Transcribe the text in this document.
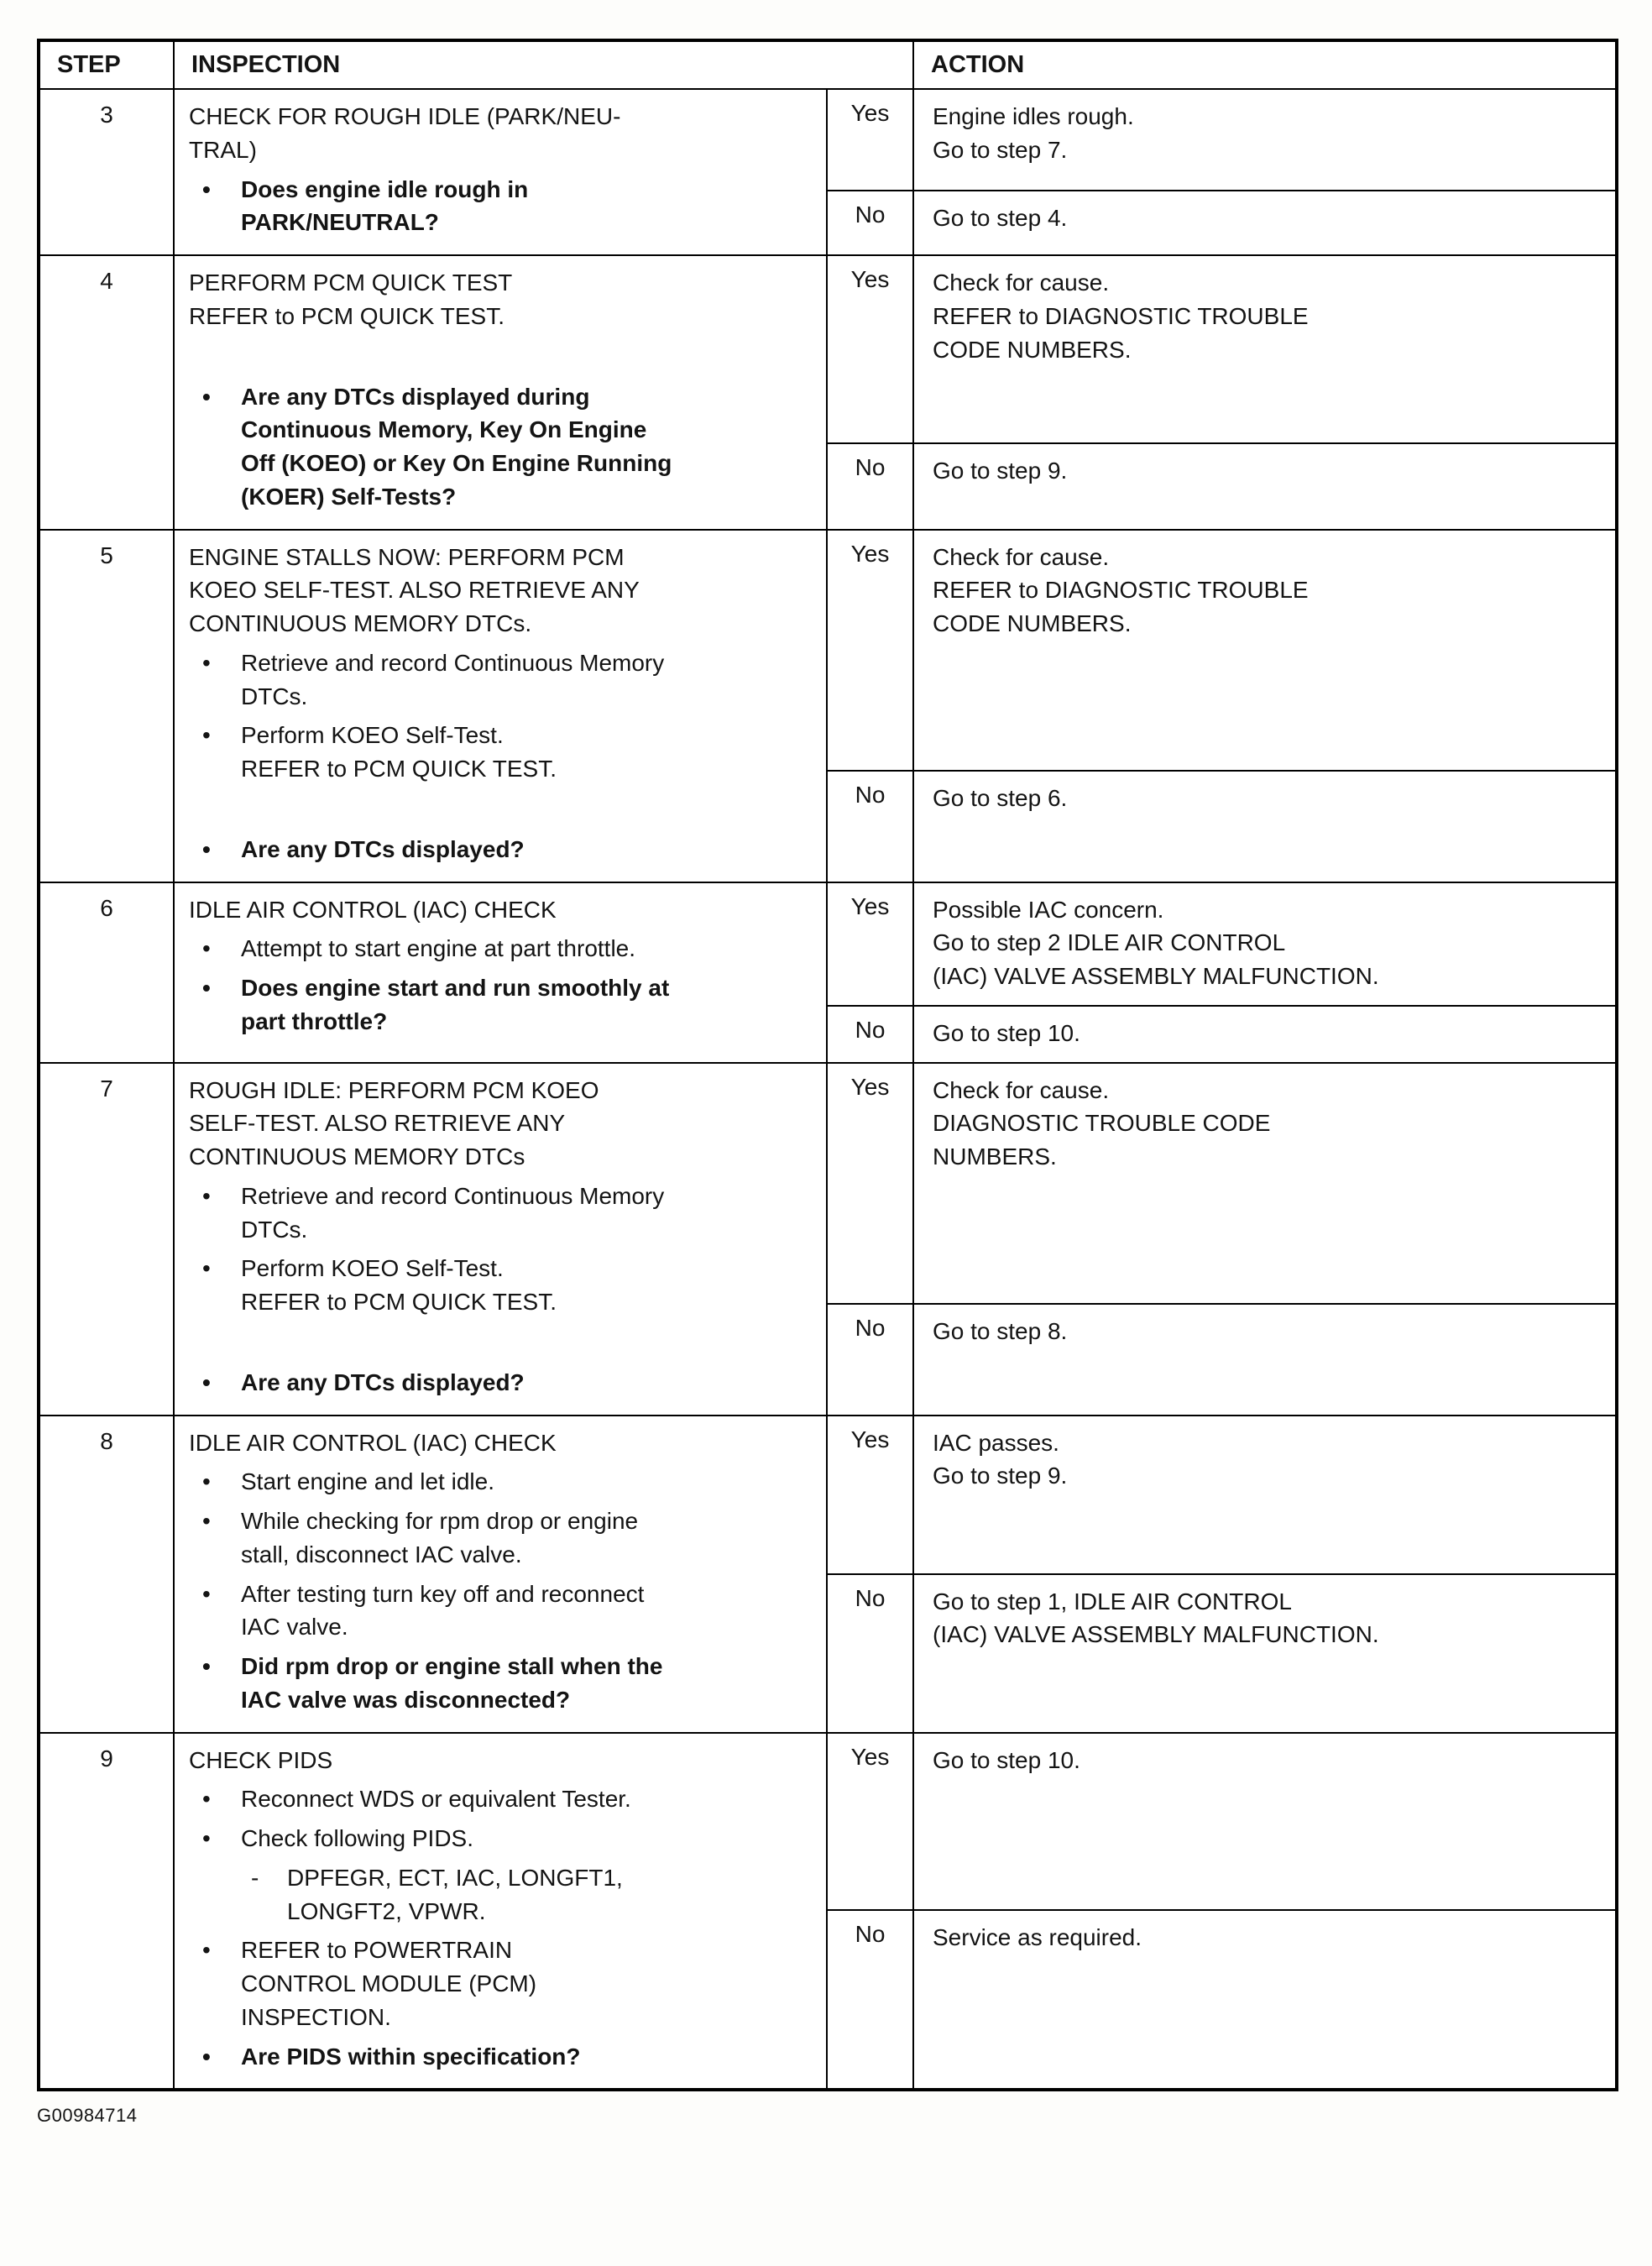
STEP	INSPECTION		ACTION
3	CHECK FOR ROUGH IDLE (PARK/NEU-
TRAL)
•	Does engine idle rough in
PARK/NEUTRAL?
	Yes	Engine idles rough.
Go to step 7.
		No	Go to step 4.
4	PERFORM PCM QUICK TEST
REFER to PCM QUICK TEST.
•	Are any DTCs displayed during
Continuous Memory, Key On Engine
Off (KOEO) or Key On Engine Running
(KOER) Self-Tests?
	Yes	Check for cause.
REFER to DIAGNOSTIC TROUBLE
CODE NUMBERS.
		No	Go to step 9.
5	ENGINE STALLS NOW: PERFORM PCM
KOEO SELF-TEST. ALSO RETRIEVE ANY
CONTINUOUS MEMORY DTCs.
•	Retrieve and record Continuous Memory
DTCs.
•	Perform KOEO Self-Test.
REFER to PCM QUICK TEST.
•	Are any DTCs displayed?
	Yes	Check for cause.
REFER to DIAGNOSTIC TROUBLE
CODE NUMBERS.
		No	Go to step 6.
6	IDLE AIR CONTROL (IAC) CHECK
•	Attempt to start engine at part throttle.
•	Does engine start and run smoothly at
part throttle?
	Yes	Possible IAC concern.
Go to step 2 IDLE AIR CONTROL
(IAC) VALVE ASSEMBLY MALFUNCTION.
		No	Go to step 10.
7	ROUGH IDLE: PERFORM PCM KOEO
SELF-TEST. ALSO RETRIEVE ANY
CONTINUOUS MEMORY DTCs
•	Retrieve and record Continuous Memory
DTCs.
•	Perform KOEO Self-Test.
REFER to PCM QUICK TEST.
•	Are any DTCs displayed?
	Yes	Check for cause.
DIAGNOSTIC TROUBLE CODE
NUMBERS.
		No	Go to step 8.
8	IDLE AIR CONTROL (IAC) CHECK
•	Start engine and let idle.
•	While checking for rpm drop or engine
stall, disconnect IAC valve.
•	After testing turn key off and reconnect
IAC valve.
•	Did rpm drop or engine stall when the
IAC valve was disconnected?
	Yes	IAC passes.
Go to step 9.
		No	Go to step 1, IDLE AIR CONTROL
(IAC) VALVE ASSEMBLY MALFUNCTION.
9	CHECK PIDS
•	Reconnect WDS or equivalent Tester.
•	Check following PIDS.
-	DPFEGR, ECT, IAC, LONGFT1,
LONGFT2, VPWR.
•	REFER to POWERTRAIN
CONTROL MODULE (PCM)
INSPECTION.
•	Are PIDS within specification?
	Yes	Go to step 10.
		No	Service as required.
G00984714
